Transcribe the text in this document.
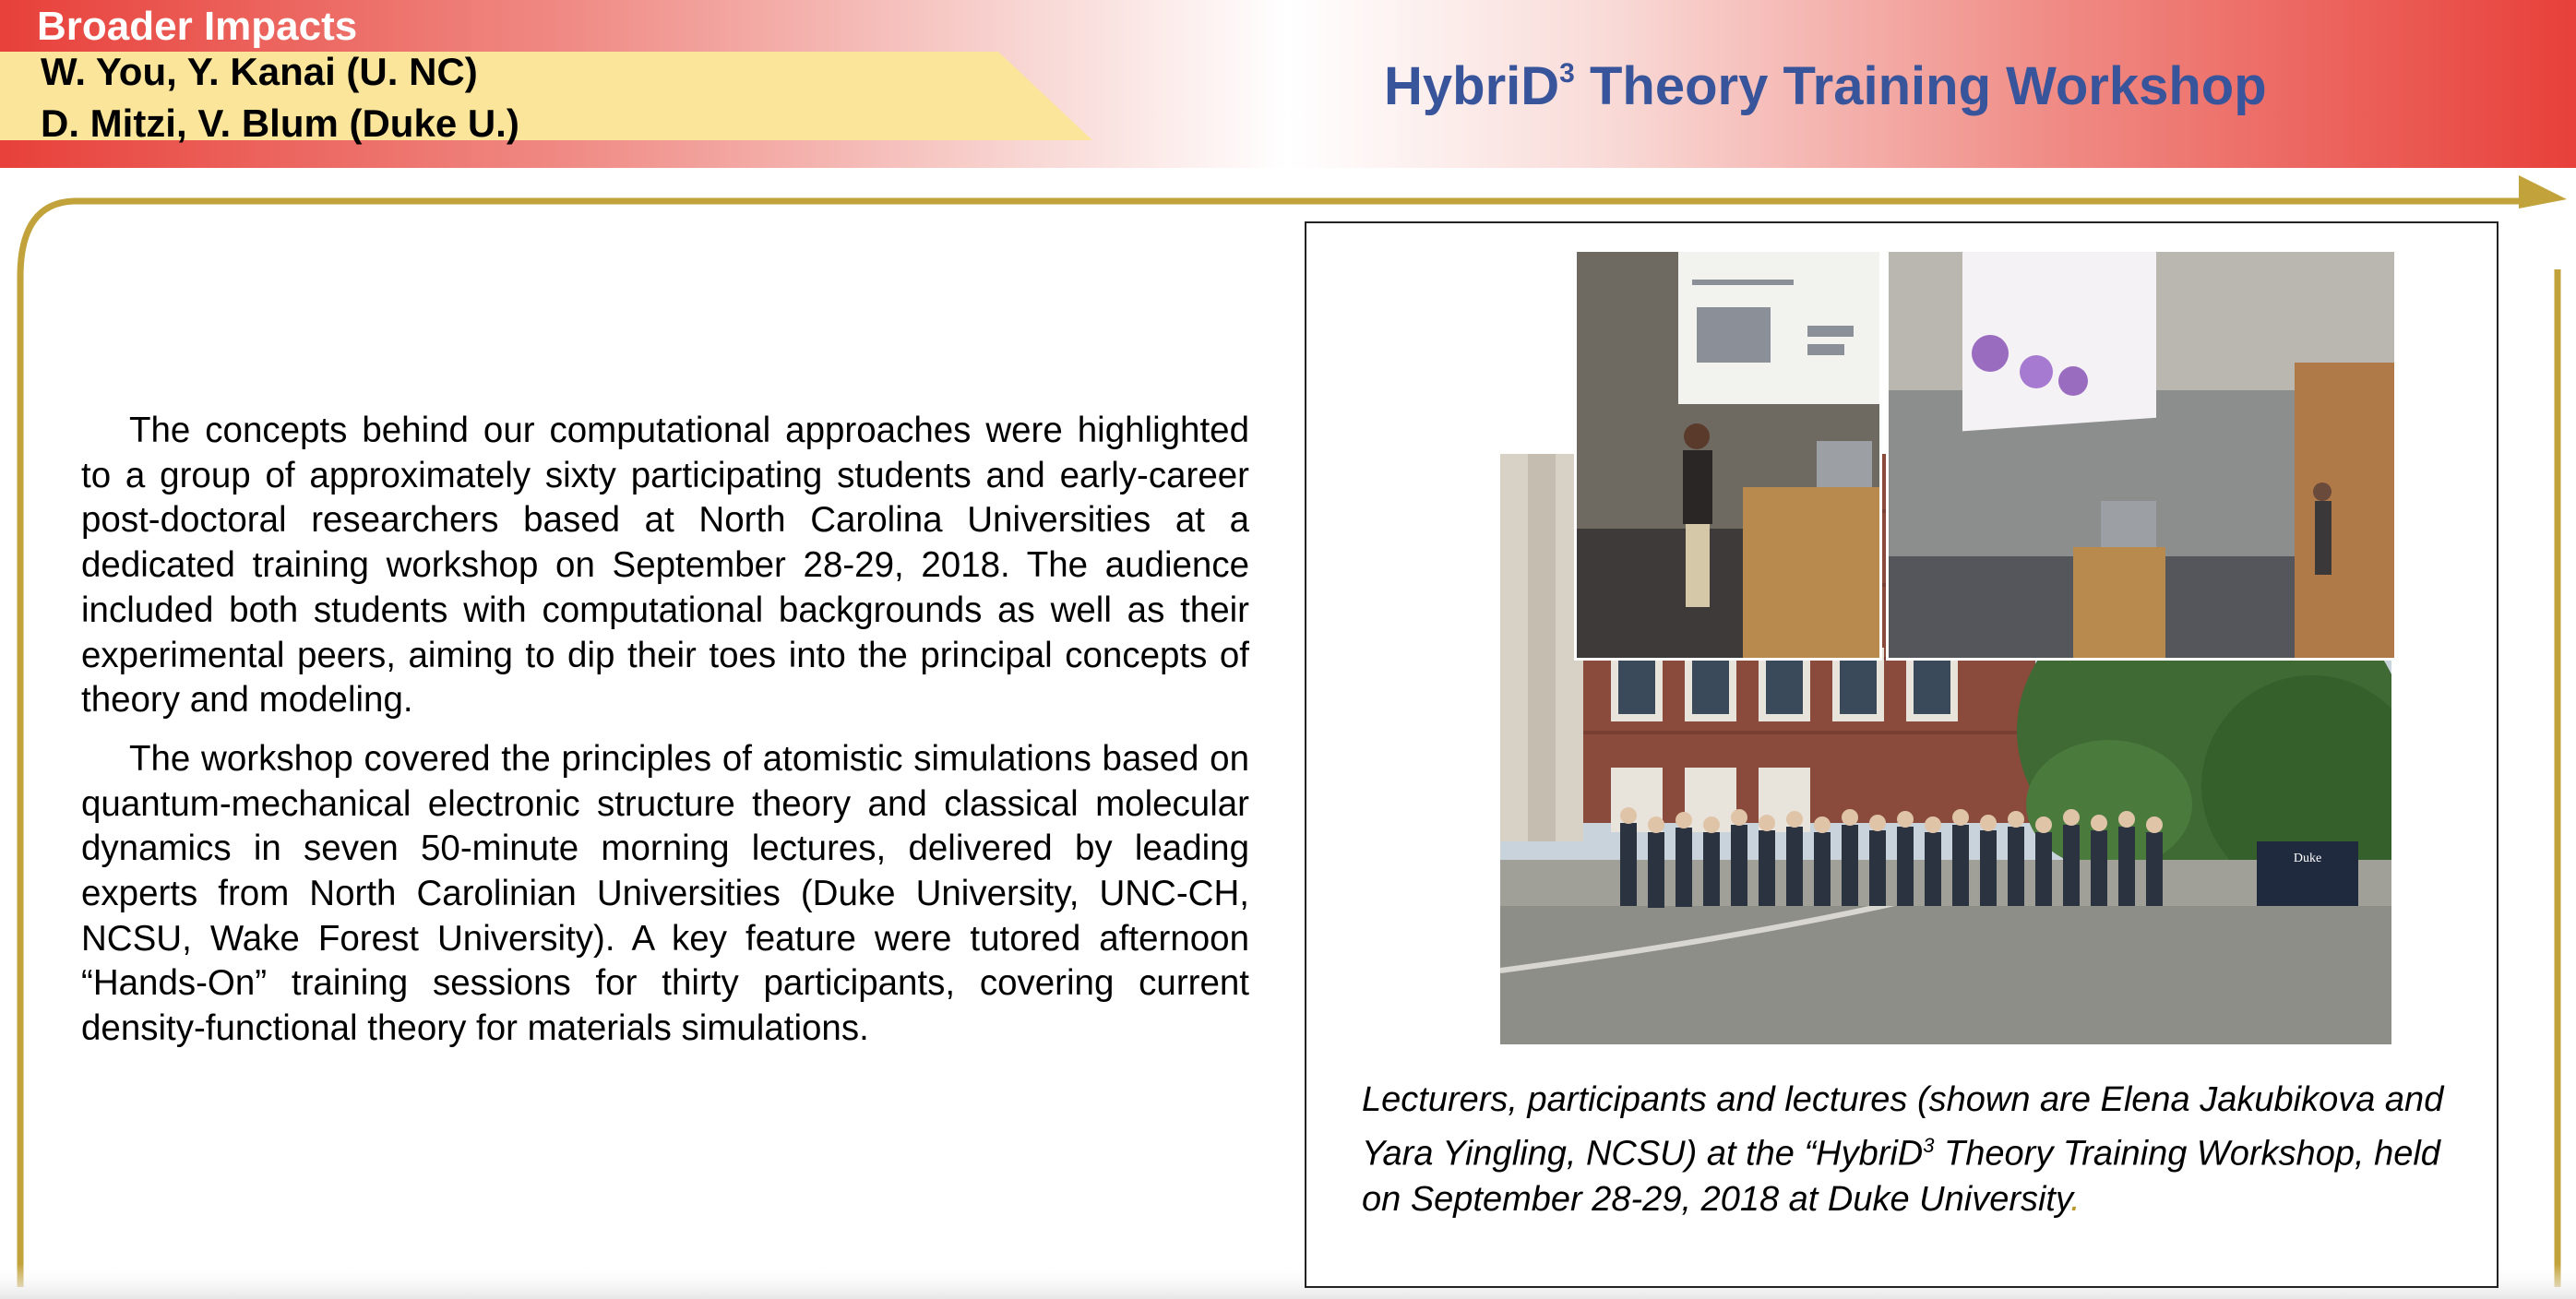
Broader Impacts
W. You, Y. Kanai (U. NC)
D. Mitzi, V. Blum (Duke U.)
HybriD$^3$ Theory Training Workshop

The concepts behind our computational approaches were highlighted to a group of approximately sixty participating students and early-career post-doctoral researchers based at North Carolina Universities at a dedicated training workshop on September 28-29, 2018. The audience included both students with computational backgrounds as well as their experimental peers, aiming to dip their toes into the principal concepts of theory and modeling.

The workshop covered the principles of atomistic simulations based on quantum-mechanical electronic structure theory and classical molecular dynamics in seven 50-minute morning lectures, delivered by leading experts from North Carolinian Universities (Duke University, UNC-CH, NCSU, Wake Forest University). A key feature were tutored afternoon “Hands-On” training sessions for thirty participants, covering current density-functional theory for materials simulations.

Duke
Lecturers, participants and lectures (shown are Elena Jakubikova and Yara Yingling, NCSU) at the “HybriD$^3$ Theory Training Workshop, held on September 28-29, 2018 at Duke University.
